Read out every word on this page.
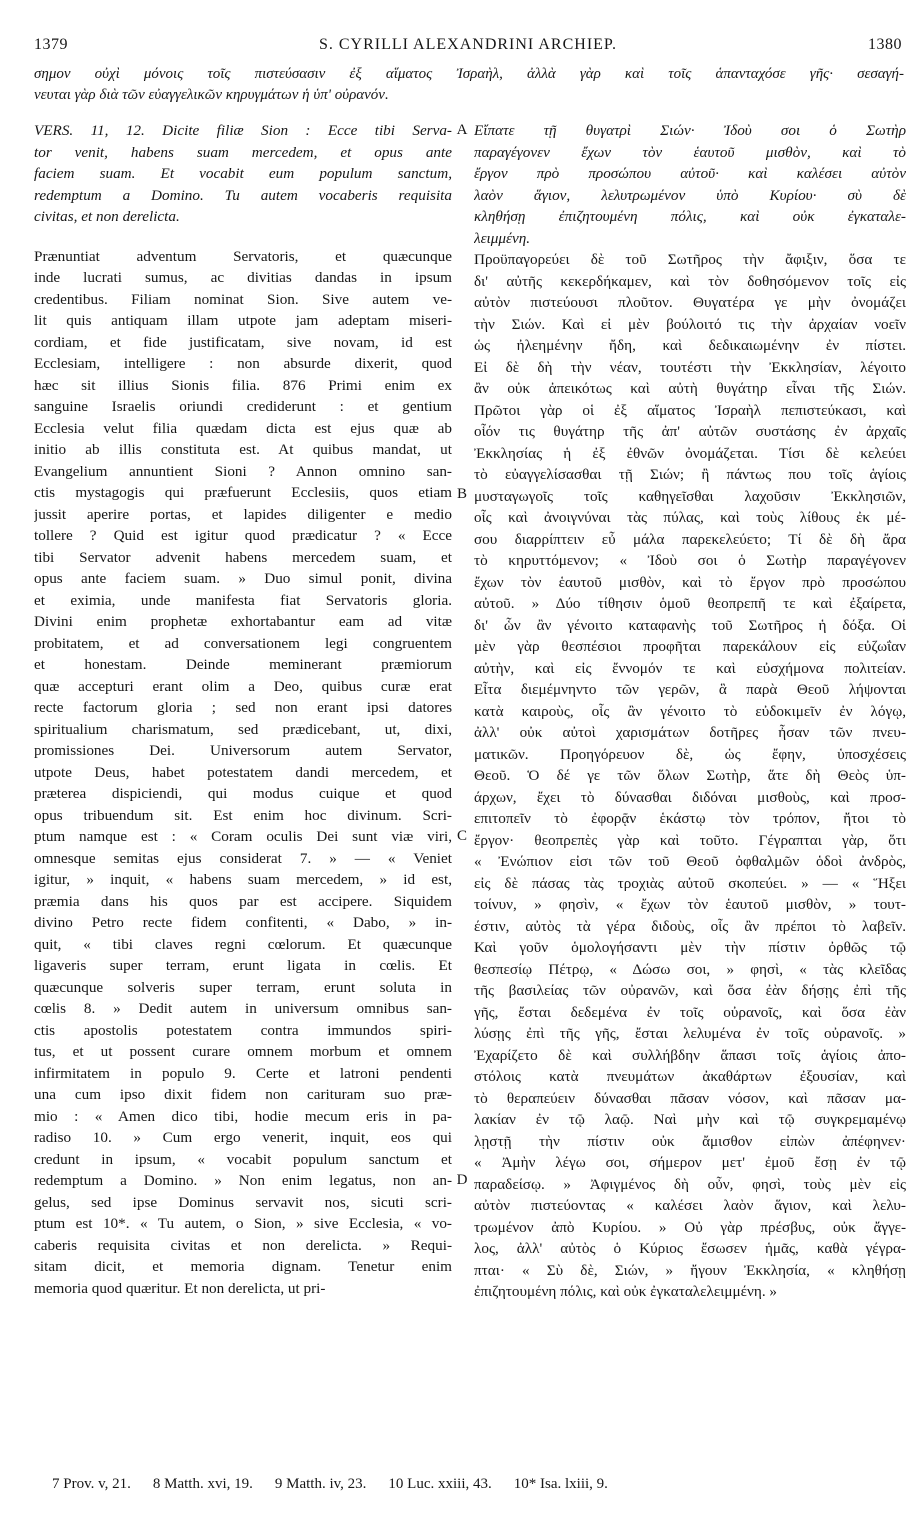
1379	S. CYRILLI ALEXANDRINI ARCHIEP.	1380
σημον οὐχὶ μόνοις τοῖς πιστεύσασιν ἐξ αἵματος Ἰσραὴλ, ἀλλὰ γὰρ καὶ τοῖς ἁπανταχόσε γῆς· σεσαγή-
νευται γὰρ διὰ τῶν εὐαγγελικῶν κηρυγμάτων ἡ ὑπ' οὐρανόν.
A
B
C
D
VERS. 11, 12. Dicite filiæ Sion : Ecce tibi Serva-
tor venit, habens suam mercedem, et opus ante
faciem suam. Et vocabit eum populum sanctum,
redemptum a Domino. Tu autem vocaberis requisita
civitas, et non derelicta.
Prænuntiat adventum Servatoris, et quæcunque
inde lucrati sumus, ac divitias dandas in ipsum
credentibus. Filiam nominat Sion. Sive autem ve-
lit quis antiquam illam utpote jam adeptam miseri-
cordiam, et fide justificatam, sive novam, id est
Ecclesiam, intelligere : non absurde dixerit, quod
hæc sit illius Sionis filia. 876 Primi enim ex
sanguine Israelis oriundi crediderunt : et gentium
Ecclesia velut filia quædam dicta est ejus quæ ab
initio ab illis constituta est. At quibus mandat, ut
Evangelium annuntient Sioni ? Annon omnino san-
ctis mystagogis qui præfuerunt Ecclesiis, quos etiam
jussit aperire portas, et lapides diligenter e medio
tollere ? Quid est igitur quod prædicatur ? « Ecce
tibi Servator advenit habens mercedem suam, et
opus ante faciem suam. » Duo simul ponit, divina
et eximia, unde manifesta fiat Servatoris gloria.
Divini enim prophetæ exhortabantur eam ad vitæ
probitatem, et ad conversationem legi congruentem
et honestam. Deinde meminerant præmiorum
quæ accepturi erant olim a Deo, quibus curæ erat
recte factorum gloria ; sed non erant ipsi datores
spiritualium charismatum, sed prædicebant, ut, dixi,
promissiones Dei. Universorum autem Servator,
utpote Deus, habet potestatem dandi mercedem, et
præterea dispiciendi, qui modus cuique et quod
opus tribuendum sit. Est enim hoc divinum. Scri-
ptum namque est : « Coram oculis Dei sunt viæ viri,
omnesque semitas ejus considerat 7. » — « Veniet
igitur, » inquit, « habens suam mercedem, » id est,
præmia dans his quos par est accipere. Siquidem
divino Petro recte fidem confitenti, « Dabo, » in-
quit, « tibi claves regni cœlorum. Et quæcunque
ligaveris super terram, erunt ligata in cœlis. Et
quæcunque solveris super terram, erunt soluta in
cœlis 8. » Dedit autem in universum omnibus san-
ctis apostolis potestatem contra immundos spiri-
tus, et ut possent curare omnem morbum et omnem
infirmitatem in populo 9. Certe et latroni pendenti
una cum ipso dixit fidem non carituram suo præ-
mio : « Amen dico tibi, hodie mecum eris in pa-
radiso 10. » Cum ergo venerit, inquit, eos qui
credunt in ipsum, « vocabit populum sanctum et
redemptum a Domino. » Non enim legatus, non an-
gelus, sed ipse Dominus servavit nos, sicuti scri-
ptum est 10*. « Tu autem, o Sion, » sive Ecclesia, « vo-
caberis requisita civitas et non derelicta. » Requi-
sitam dicit, et memoria dignam. Tenetur enim
memoria quod quæritur. Et non derelicta, ut pri-
Εἴπατε τῇ θυγατρὶ Σιών· Ἰδοὺ σοι ὁ Σωτὴρ
παραγέγονεν ἔχων τὸν ἑαυτοῦ μισθὸν, καὶ τὸ
ἔργον πρὸ προσώπου αὐτοῦ· καὶ καλέσει αὐτὸν
λαὸν ἅγιον, λελυτρωμένον ὑπὸ Κυρίου· σὺ δὲ
κληθήσῃ ἐπιζητουμένη πόλις, καὶ οὐκ ἐγκαταλε-
λειμμένη.
Προϋπαγορεύει δὲ τοῦ Σωτῆρος τὴν ἄφιξιν, ὅσα τε
δι' αὐτῆς κεκερδήκαμεν, καὶ τὸν δοθησόμενον τοῖς εἰς
αὐτὸν πιστεύουσι πλοῦτον. Θυγατέρα γε μὴν ὀνομάζει
τὴν Σιών. Καὶ εἰ μὲν βούλοιτό τις τὴν ἀρχαίαν νοεῖν
ὡς ἠλεημένην ἤδη, καὶ δεδικαιωμένην ἐν πίστει.
Εἰ δὲ δὴ τὴν νέαν, τουτέστι τὴν Ἐκκλησίαν, λέγοιτο
ἂν οὐκ ἀπεικότως καὶ αὐτὴ θυγάτηρ εἶναι τῆς Σιών.
Πρῶτοι γὰρ οἱ ἐξ αἵματος Ἰσραὴλ πεπιστεύκασι, καὶ
οἷόν τις θυγάτηρ τῆς ἀπ' αὐτῶν συστάσης ἐν ἀρχαῖς
Ἐκκλησίας ἡ ἐξ ἐθνῶν ὀνομάζεται. Τίσι δὲ κελεύει
τὸ εὐαγγελίσασθαι τῇ Σιών; ἢ πάντως που τοῖς ἁγίοις
μυσταγωγοῖς τοῖς καθηγεῖσθαι λαχοῦσιν Ἐκκλησιῶν,
οἷς καὶ ἀνοιγνύναι τὰς πύλας, καὶ τοὺς λίθους ἐκ μέ-
σου διαρρίπτειν εὖ μάλα παρεκελεύετο; Τί δὲ δὴ ἄρα
τὸ κηρυττόμενον; « Ἰδοὺ σοι ὁ Σωτὴρ παραγέγονεν
ἔχων τὸν ἑαυτοῦ μισθὸν, καὶ τὸ ἔργον πρὸ προσώπου
αὐτοῦ. » Δύο τίθησιν ὁμοῦ θεοπρεπῆ τε καὶ ἐξαίρετα,
δι' ὧν ἂν γένοιτο καταφανὴς τοῦ Σωτῆρος ἡ δόξα. Οἱ
μὲν γὰρ θεσπέσιοι προφῆται παρεκάλουν εἰς εὐζωΐαν
αὐτὴν, καὶ εἰς ἔννομόν τε καὶ εὐσχήμονα πολιτείαν.
Εἶτα διεμέμνηντο τῶν γερῶν, ἃ παρὰ Θεοῦ λήψονται
κατὰ καιροὺς, οἷς ἂν γένοιτο τὸ εὐδοκιμεῖν ἐν λόγῳ,
ἀλλ' οὐκ αὐτοὶ χαρισμάτων δοτῆρες ἦσαν τῶν πνευ-
ματικῶν. Προηγόρευον δὲ, ὡς ἔφην, ὑποσχέσεις
Θεοῦ. Ὁ δέ γε τῶν ὅλων Σωτὴρ, ἅτε δὴ Θεὸς ὑπ-
άρχων, ἔχει τὸ δύνασθαι διδόναι μισθοὺς, καὶ προσ-
επιτοπεῖν τὸ ἐφορᾷν ἑκάστῳ τὸν τρόπον, ἤτοι τὸ
ἔργον· θεοπρεπὲς γὰρ καὶ τοῦτο. Γέγραπται γὰρ, ὅτι
« Ἐνώπιον εἰσι τῶν τοῦ Θεοῦ ὀφθαλμῶν ὁδοὶ ἀνδρὸς,
εἰς δὲ πάσας τὰς τροχιὰς αὐτοῦ σκοπεύει. » — « Ἥξει
τοίνυν, » φησὶν, « ἔχων τὸν ἑαυτοῦ μισθὸν, » τουτ-
έστιν, αὐτὸς τὰ γέρα διδοὺς, οἷς ἂν πρέποι τὸ λαβεῖν.
Καὶ γοῦν ὁμολογήσαντι μὲν τὴν πίστιν ὀρθῶς τῷ
θεσπεσίῳ Πέτρῳ, « Δώσω σοι, » φησὶ, « τὰς κλεῖδας
τῆς βασιλείας τῶν οὐρανῶν, καὶ ὅσα ἐὰν δήσῃς ἐπὶ τῆς
γῆς, ἔσται δεδεμένα ἐν τοῖς οὐρανοῖς, καὶ ὅσα ἐὰν
λύσῃς ἐπὶ τῆς γῆς, ἔσται λελυμένα ἐν τοῖς οὐρανοῖς. »
Ἐχαρίζετο δὲ καὶ συλλήβδην ἅπασι τοῖς ἁγίοις ἀπο-
στόλοις κατὰ πνευμάτων ἀκαθάρτων ἐξουσίαν, καὶ
τὸ θεραπεύειν δύνασθαι πᾶσαν νόσον, καὶ πᾶσαν μα-
λακίαν ἐν τῷ λαῷ. Ναὶ μὴν καὶ τῷ συγκρεμαμένῳ
λῃστῇ τὴν πίστιν οὐκ ἄμισθον εἰπὼν ἀπέφηνεν·
« Ἀμὴν λέγω σοι, σήμερον μετ' ἐμοῦ ἔσῃ ἐν τῷ
παραδείσῳ. » Ἀφιγμένος δὴ οὖν, φησὶ, τοὺς μὲν εἰς
αὐτὸν πιστεύοντας « καλέσει λαὸν ἅγιον, καὶ λελυ-
τρωμένον ἀπὸ Κυρίου. » Οὐ γὰρ πρέσβυς, οὐκ ἄγγε-
λος, ἀλλ' αὐτὸς ὁ Κύριος ἔσωσεν ἡμᾶς, καθὰ γέγρα-
πται· « Σὺ δὲ, Σιών, » ἤγουν Ἐκκλησία, « κληθήσῃ
ἐπιζητουμένη πόλις, καὶ οὐκ ἐγκαταλελειμμένη. »
7 Prov. v, 21. 8 Matth. xvi, 19. 9 Matth. iv, 23. 10 Luc. xxiii, 43. 10* Isa. lxiii, 9.
